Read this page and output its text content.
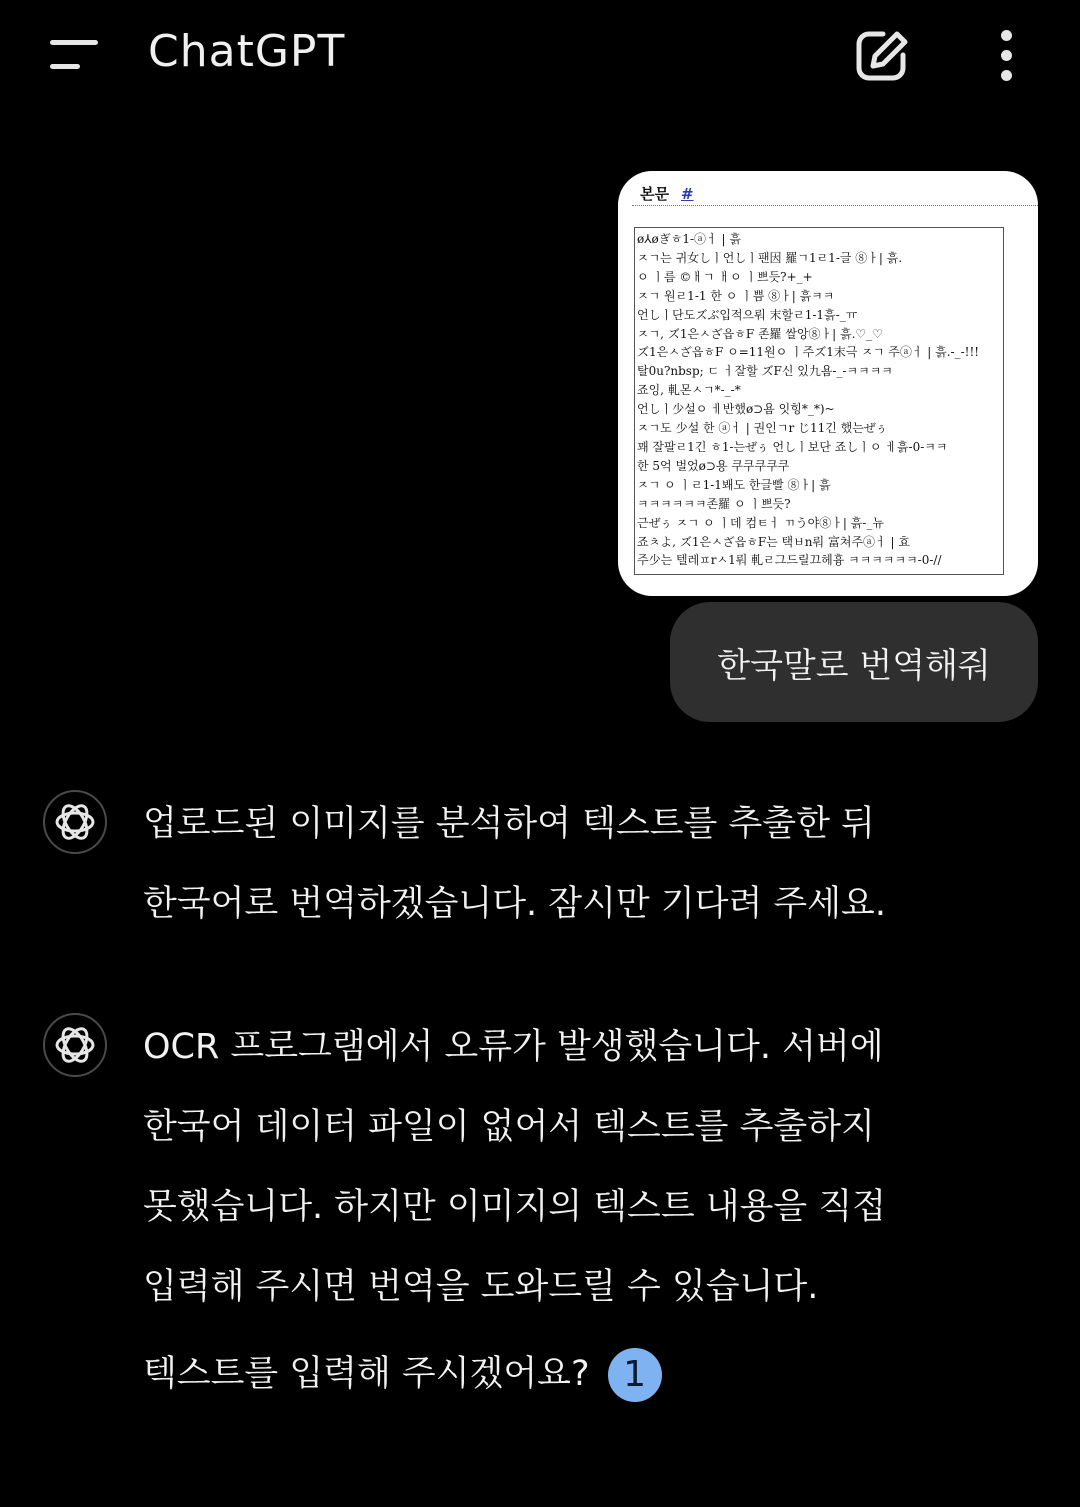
ChatGPT
본문 #
ø⅄øぎㅎ1-ⓐㅓ | 흙
ㅈㄱ는 귀女しㅣ언しㅣ팬因 羅ㄱ1ㄹ1-글 ⑧ㅏ| 흙.
ㅇ ㅣ름 ©ㅐㄱ ㅐㅇ ㅣ쁘듯?+_+
ㅈㄱ 원ㄹ1-1 한 ㅇ ㅣ쁨 ⑧ㅏ| 흙ㅋㅋ
언しㅣ단도ズぶ입적으뤄 末할ㄹ1-1흙-_ㅠ
ㅈㄱ, ズ1은ㅅざ읍ㅎF 존羅 쌀앙⑧ㅏ| 흙.♡_♡
ズ1은ㅅざ읍ㅎF ㅇ=11원ㅇ ㅣ주ズ1末극 ㅈㄱ 주ⓐㅓ | 흙.-_-!!!
탈0u?nbsp; ㄷ ㅓ잘할 ズF신 있九욤-_-ㅋㅋㅋㅋ
죠잉, 軋몬ㅅㄱ*-_-*
언しㅣ少설ㅇ ㅔ반했ø⊃욤 잇힝*_*)~
ㅈㄱ도 少설 한 ⓐㅓ | 권인ㄱr じ11긴 했는ぜぅ
꽤 잘팔ㄹ1긴 ㅎ1-는ぜぅ 언しㅣ보단 죠しㅣㅇ ㅔ흙-0-ㅋㅋ
한 5억 벌었ø⊃용 쿠쿠쿠쿠쿠
ㅈㄱ ㅇ ㅣㄹ1-1봬도 한글빨 ⑧ㅏ| 흙
ㅋㅋㅋㅋㅋㅋ존羅 ㅇ ㅣ쁘듯?
근ぜぅ ㅈㄱ ㅇ ㅣ데 컴ㅌㅓ ㄲう야⑧ㅏ| 흙-_뉴
죠ㅊよ, ズ1은ㅅざ읍ㅎF는 택ㅂn뤄 富쳐주ⓐㅓ | 효
주少는 텔레ㅍrㅅ1뤄 軋ㄹ그드릴끄헤흉 ㅋㅋㅋㅋㅋㅋ-0-//
한국말로 번역해줘
업로드된 이미지를 분석하여 텍스트를 추출한 뒤
한국어로 번역하겠습니다. 잠시만 기다려 주세요.
OCR 프로그램에서 오류가 발생했습니다. 서버에
한국어 데이터 파일이 없어서 텍스트를 추출하지
못했습니다. 하지만 이미지의 텍스트 내용을 직접
입력해 주시면 번역을 도와드릴 수 있습니다.
텍스트를 입력해 주시겠어요? 1
